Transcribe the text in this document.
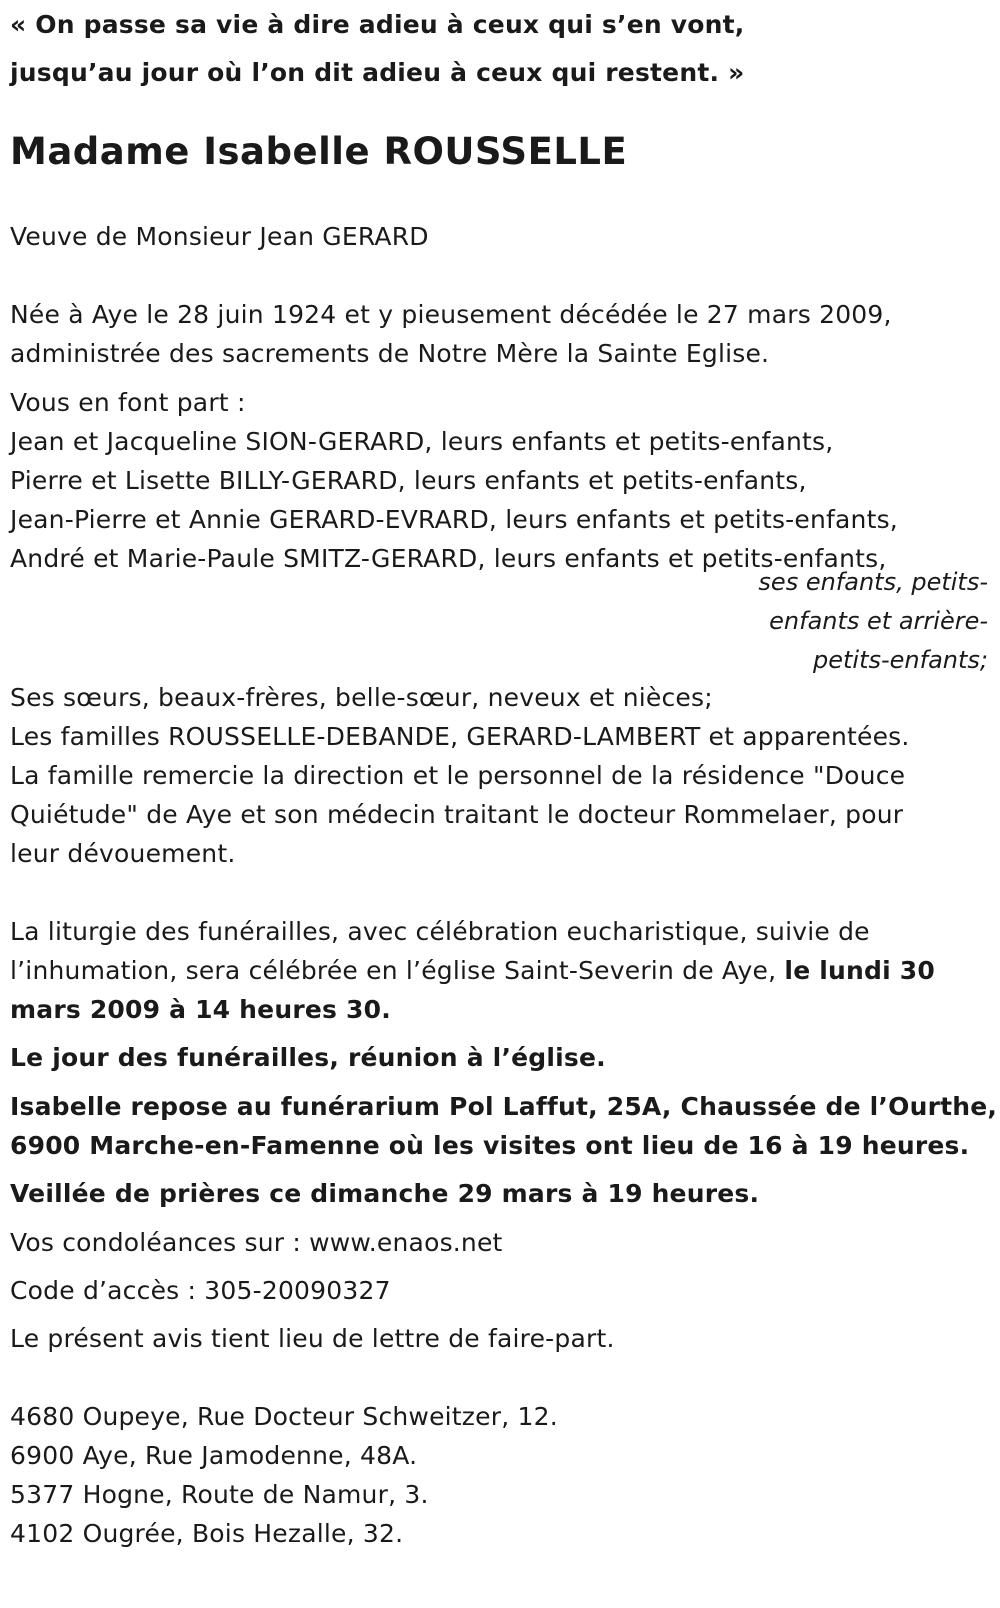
« On passe sa vie à dire adieu à ceux qui s’en vont,

jusqu’au jour où l’on dit adieu à ceux qui restent. »

Madame Isabelle ROUSSELLE

Veuve de Monsieur Jean GERARD

Née à Aye le 28 juin 1924 et y pieusement décédée le 27 mars 2009,

administrée des sacrements de Notre Mère la Sainte Eglise.

Vous en font part :

Jean et Jacqueline SION-GERARD, leurs enfants et petits-enfants,

Pierre et Lisette BILLY-GERARD, leurs enfants et petits-enfants,

Jean-Pierre et Annie GERARD-EVRARD, leurs enfants et petits-enfants,

André et Marie-Paule SMITZ-GERARD, leurs enfants et petits-enfants,

ses enfants, petits-

enfants et arrière-

petits-enfants;

Ses sœurs, beaux-frères, belle-sœur, neveux et nièces;

Les familles ROUSSELLE-DEBANDE, GERARD-LAMBERT et apparentées.

La famille remercie la direction et le personnel de la résidence "Douce

Quiétude" de Aye et son médecin traitant le docteur Rommelaer, pour

leur dévouement.

La liturgie des funérailles, avec célébration eucharistique, suivie de

l’inhumation, sera célébrée en l’église Saint-Severin de Aye, le lundi 30

mars 2009 à 14 heures 30.

Le jour des funérailles, réunion à l’église.

Isabelle repose au funérarium Pol Laffut, 25A, Chaussée de l’Ourthe,

6900 Marche-en-Famenne où les visites ont lieu de 16 à 19 heures.

Veillée de prières ce dimanche 29 mars à 19 heures.

Vos condoléances sur : www.enaos.net

Code d’accès : 305-20090327

Le présent avis tient lieu de lettre de faire-part.

4680 Oupeye, Rue Docteur Schweitzer, 12.

6900 Aye, Rue Jamodenne, 48A.

5377 Hogne, Route de Namur, 3.

4102 Ougrée, Bois Hezalle, 32.
